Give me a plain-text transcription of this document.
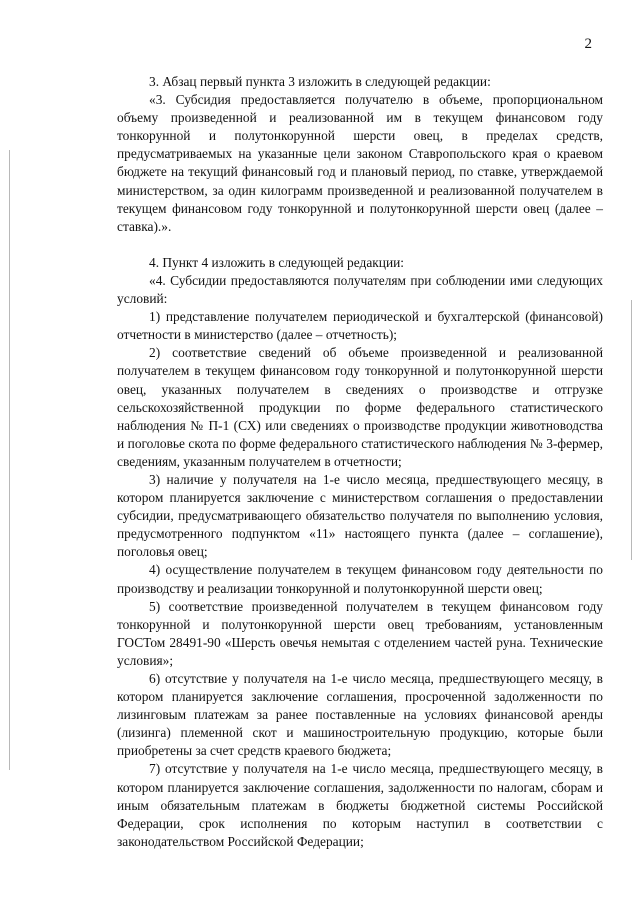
2

3. Абзац первый пункта 3 изложить в следующей редакции:

«3. Субсидия предоставляется получателю в объеме, пропорциональном объему произведенной и реализованной им в текущем финансовом году тонкорунной и полутонкорунной шерсти овец, в пределах средств, предусматриваемых на указанные цели законом Ставропольского края о краевом бюджете на текущий финансовый год и плановый период, по ставке, утверждаемой министерством, за один килограмм произведенной и реализованной получателем в текущем финансовом году тонкорунной и полутонкорунной шерсти овец (далее – ставка).».

4. Пункт 4 изложить в следующей редакции:

«4. Субсидии предоставляются получателям при соблюдении ими следующих условий:

1) представление получателем периодической и бухгалтерской (финансовой) отчетности в министерство (далее – отчетность);

2) соответствие сведений об объеме произведенной и реализованной получателем в текущем финансовом году тонкорунной и полутонкорунной шерсти овец, указанных получателем в сведениях о производстве и отгрузке сельскохозяйственной продукции по форме федерального статистического наблюдения № П-1 (СХ) или сведениях о производстве продукции животноводства и поголовье скота по форме федерального статистического наблюдения № 3-фермер, сведениям, указанным получателем в отчетности;

3) наличие у получателя на 1-е число месяца, предшествующего месяцу, в котором планируется заключение с министерством соглашения о предоставлении субсидии, предусматривающего обязательство получателя по выполнению условия, предусмотренного подпунктом «11» настоящего пункта (далее – соглашение), поголовья овец;

4) осуществление получателем в текущем финансовом году деятельности по производству и реализации тонкорунной и полутонкорунной шерсти овец;

5) соответствие произведенной получателем в текущем финансовом году тонкорунной и полутонкорунной шерсти овец требованиям, установленным ГОСТом 28491-90 «Шерсть овечья немытая с отделением частей руна. Технические условия»;

6) отсутствие у получателя на 1-е число месяца, предшествующего месяцу, в котором планируется заключение соглашения, просроченной задолженности по лизинговым платежам за ранее поставленные на условиях финансовой аренды (лизинга) племенной скот и машиностроительную продукцию, которые были приобретены за счет средств краевого бюджета;

7) отсутствие у получателя на 1-е число месяца, предшествующего месяцу, в котором планируется заключение соглашения, задолженности по налогам, сборам и иным обязательным платежам в бюджеты бюджетной системы Российской Федерации, срок исполнения по которым наступил в соответствии с законодательством Российской Федерации;
